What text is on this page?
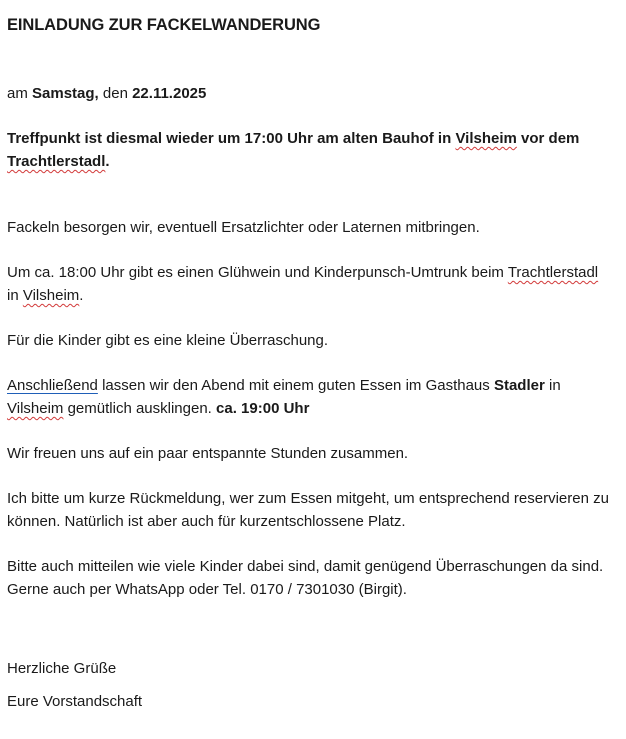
EINLADUNG ZUR FACKELWANDERUNG

am Samstag, den 22.11.2025

Treffpunkt ist diesmal wieder um 17:00 Uhr am alten Bauhof in Vilsheim vor dem Trachtlerstadl.

Fackeln besorgen wir, eventuell Ersatzlichter oder Laternen mitbringen.

Um ca. 18:00 Uhr gibt es einen Glühwein und Kinderpunsch-Umtrunk beim Trachtlerstadl in Vilsheim.

Für die Kinder gibt es eine kleine Überraschung.

Anschließend lassen wir den Abend mit einem guten Essen im Gasthaus Stadler in Vilsheim gemütlich ausklingen. ca. 19:00 Uhr

Wir freuen uns auf ein paar entspannte Stunden zusammen.

Ich bitte um kurze Rückmeldung, wer zum Essen mitgeht, um entsprechend reservieren zu können. Natürlich ist aber auch für kurzentschlossene Platz.

Bitte auch mitteilen wie viele Kinder dabei sind, damit genügend Überraschungen da sind. Gerne auch per WhatsApp oder Tel. 0170 / 7301030 (Birgit).

Herzliche Grüße

Eure Vorstandschaft
